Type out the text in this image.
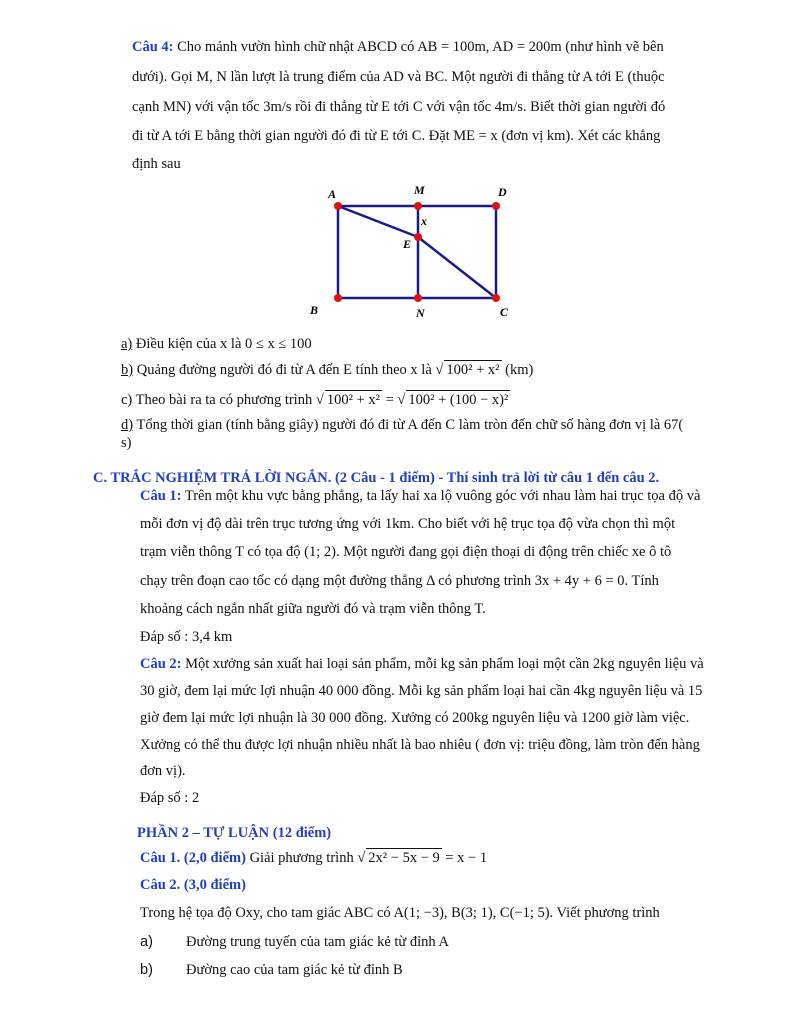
Câu 4: Cho mảnh vườn hình chữ nhật ABCD có AB = 100m, AD = 200m (như hình vẽ bên
dưới). Gọi M, N lần lượt là trung điểm của AD và BC. Một người đi thẳng từ A tới E (thuộc
cạnh MN) với vận tốc 3m/s rồi đi thẳng từ E tới C với vận tốc 4m/s. Biết thời gian người đó
đi từ A tới E bằng thời gian người đó đi từ E tới C. Đặt ME = x (đơn vị km). Xét các khẳng
định sau
A	M	D
x
E
B	N	C
a) Điều kiện của x là 0 ≤ x ≤ 100
b) Quảng đường người đó đi từ A đến E tính theo x là √ 100² + x² (km)
c) Theo bài ra ta có phương trình √ 100² + x² = √ 100² + (100 − x)²
d) Tổng thời gian (tính bằng giây) người đó đi từ A đến C làm tròn đến chữ số hàng đơn vị là 67(
s)
C. TRẮC NGHIỆM TRẢ LỜI NGẮN. (2 Câu - 1 điểm) - Thí sinh trả lời từ câu 1 đến câu 2.
Câu 1: Trên một khu vực bằng phẳng, ta lấy hai xa lộ vuông góc với nhau làm hai trục tọa độ và
mỗi đơn vị độ dài trên trục tương ứng với 1km. Cho biết với hệ trục tọa độ vừa chọn thì một
trạm viễn thông T có tọa độ (1; 2). Một người đang gọi điện thoại di động trên chiếc xe ô tô
chạy trên đoạn cao tốc có dạng một đường thẳng Δ có phương trình 3x + 4y + 6 = 0. Tính
khoảng cách ngắn nhất giữa người đó và trạm viễn thông T.
Đáp số : 3,4 km
Câu 2: Một xưởng sản xuất hai loại sản phẩm, mỗi kg sản phẩm loại một cần 2kg nguyên liệu và
30 giờ, đem lại mức lợi nhuận 40 000 đồng. Mỗi kg sản phẩm loại hai cần 4kg nguyên liệu và 15
giờ đem lại mức lợi nhuận là 30 000 đồng. Xưởng có 200kg nguyên liệu và 1200 giờ làm việc.
Xưởng có thể thu được lợi nhuận nhiều nhất là bao nhiêu ( đơn vị: triệu đồng, làm tròn đến hàng
đơn vị).
Đáp số : 2
PHẦN 2 – TỰ LUẬN (12 điểm)
Câu 1. (2,0 điểm) Giải phương trình √ 2x² − 5x − 9 = x − 1
Câu 2. (3,0 điểm)
Trong hệ tọa độ Oxy, cho tam giác ABC có A(1; −3), B(3; 1), C(−1; 5). Viết phương trình
a) Đường trung tuyến của tam giác kẻ từ đỉnh A
b) Đường cao của tam giác kẻ từ đỉnh B
